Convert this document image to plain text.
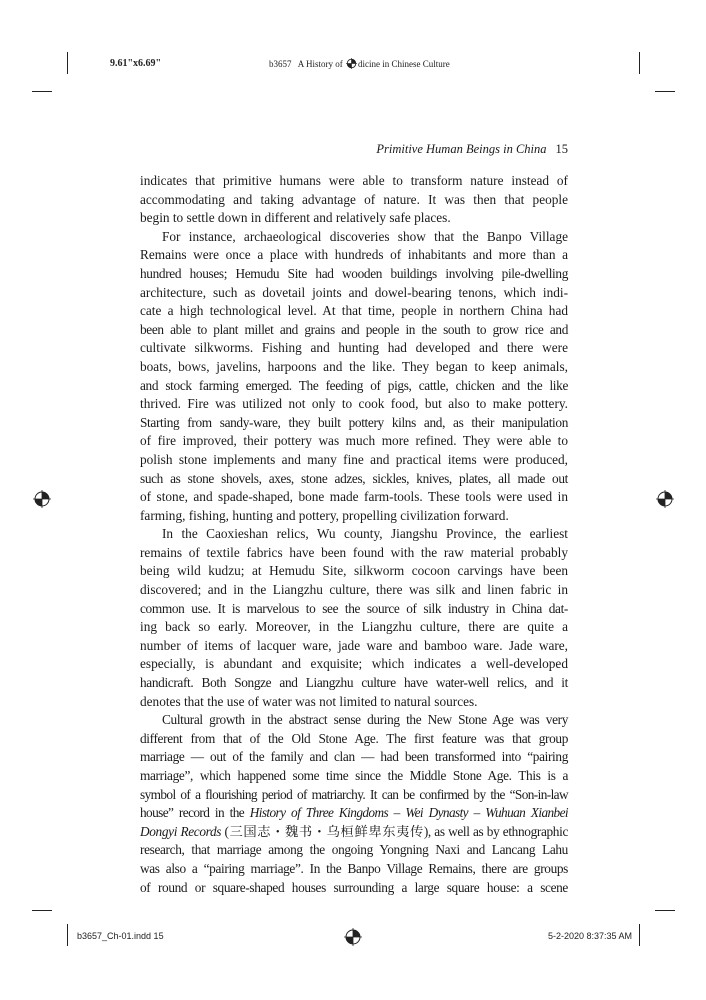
9.61"x6.69"	b3657 A History of dicine in Chinese Culture
b3657_Ch-01.indd 15	5-2-2020 8:37:35 AM
Primitive Human Beings in China 15
indicates that primitive humans were able to transform nature instead of
accommodating and taking advantage of nature. It was then that people
begin to settle down in different and relatively safe places.
For instance, archaeological discoveries show that the Banpo Village
Remains were once a place with hundreds of inhabitants and more than a
hundred houses; Hemudu Site had wooden buildings involving pile-dwelling
architecture, such as dovetail joints and dowel-bearing tenons, which indi-
cate a high technological level. At that time, people in northern China had
been able to plant millet and grains and people in the south to grow rice and
cultivate silkworms. Fishing and hunting had developed and there were
boats, bows, javelins, harpoons and the like. They began to keep animals,
and stock farming emerged. The feeding of pigs, cattle, chicken and the like
thrived. Fire was utilized not only to cook food, but also to make pottery.
Starting from sandy-ware, they built pottery kilns and, as their manipulation
of fire improved, their pottery was much more refined. They were able to
polish stone implements and many fine and practical items were produced,
such as stone shovels, axes, stone adzes, sickles, knives, plates, all made out
of stone, and spade-shaped, bone made farm-tools. These tools were used in
farming, fishing, hunting and pottery, propelling civilization forward.
In the Caoxieshan relics, Wu county, Jiangshu Province, the earliest
remains of textile fabrics have been found with the raw material probably
being wild kudzu; at Hemudu Site, silkworm cocoon carvings have been
discovered; and in the Liangzhu culture, there was silk and linen fabric in
common use. It is marvelous to see the source of silk industry in China dat-
ing back so early. Moreover, in the Liangzhu culture, there are quite a
number of items of lacquer ware, jade ware and bamboo ware. Jade ware,
especially, is abundant and exquisite; which indicates a well-developed
handicraft. Both Songze and Liangzhu culture have water-well relics, and it
denotes that the use of water was not limited to natural sources.
Cultural growth in the abstract sense during the New Stone Age was very
different from that of the Old Stone Age. The first feature was that group
marriage — out of the family and clan — had been transformed into “pairing
marriage”, which happened some time since the Middle Stone Age. This is a
symbol of a flourishing period of matriarchy. It can be confirmed by the “Son-in-law
house” record in the History of Three Kingdoms – Wei Dynasty – Wuhuan Xianbei
Dongyi Records (三国志・魏书・乌桓鲜卑东夷传), as well as by ethnographic
research, that marriage among the ongoing Yongning Naxi and Lancang Lahu
was also a “pairing marriage”. In the Banpo Village Remains, there are groups
of round or square-shaped houses surrounding a large square house: a scene
